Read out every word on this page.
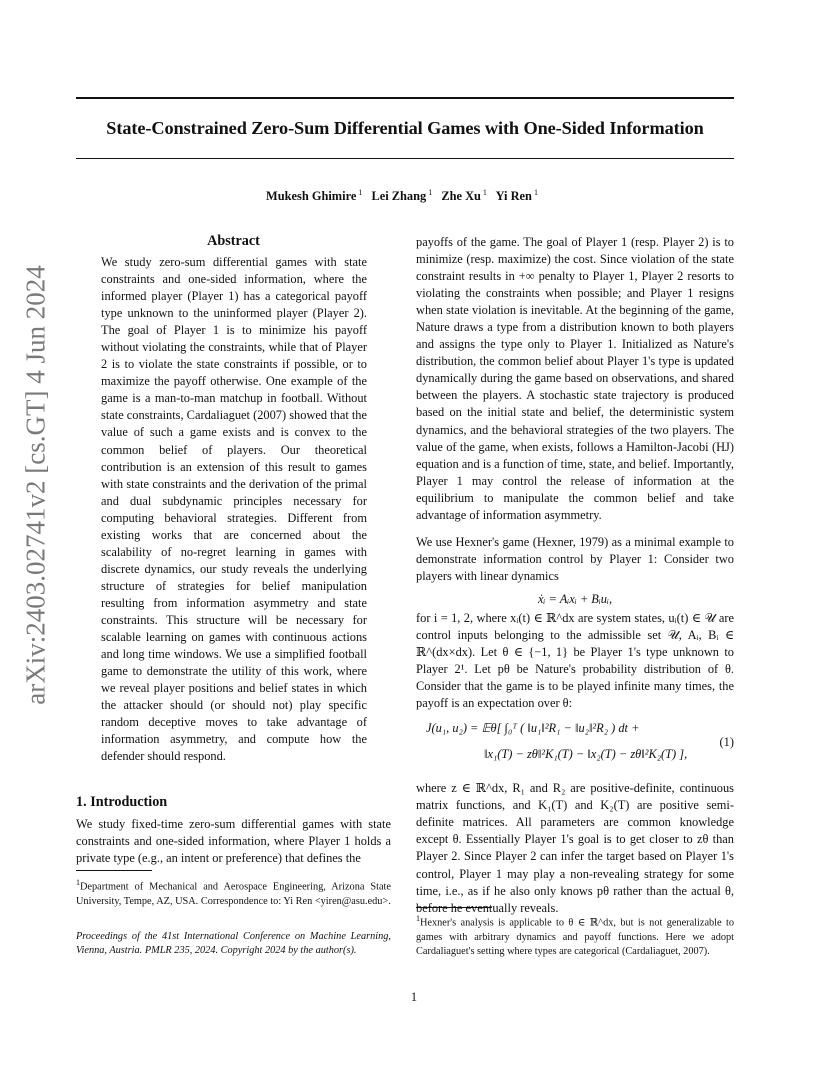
State-Constrained Zero-Sum Differential Games with One-Sided Information
Mukesh Ghimire $^1$ Lei Zhang $^1$ Zhe Xu $^1$ Yi Ren $^1$
arXiv:2403.02741v2 [cs.GT] 4 Jun 2024
Abstract
We study zero-sum differential games with state constraints and one-sided information, where the informed player (Player 1) has a categorical payoff type unknown to the uninformed player (Player 2). The goal of Player 1 is to minimize his payoff without violating the constraints, while that of Player 2 is to violate the state constraints if possible, or to maximize the payoff otherwise. One example of the game is a man-to-man matchup in football. Without state constraints, Cardaliaguet (2007) showed that the value of such a game exists and is convex to the common belief of players. Our theoretical contribution is an extension of this result to games with state constraints and the derivation of the primal and dual subdynamic principles necessary for computing behavioral strategies. Different from existing works that are concerned about the scalability of no-regret learning in games with discrete dynamics, our study reveals the underlying structure of strategies for belief manipulation resulting from information asymmetry and state constraints. This structure will be necessary for scalable learning on games with continuous actions and long time windows. We use a simplified football game to demonstrate the utility of this work, where we reveal player positions and belief states in which the attacker should (or should not) play specific random deceptive moves to take advantage of information asymmetry, and compute how the defender should respond.
1. Introduction
We study fixed-time zero-sum differential games with state constraints and one-sided information, where Player 1 holds a private type (e.g., an intent or preference) that defines the
$^1$Department of Mechanical and Aerospace Engineering, Arizona State University, Tempe, AZ, USA. Correspondence to: Yi Ren <yiren@asu.edu>.
Proceedings of the 41st International Conference on Machine Learning, Vienna, Austria. PMLR 235, 2024. Copyright 2024 by the author(s).
payoffs of the game. The goal of Player 1 (resp. Player 2) is to minimize (resp. maximize) the cost. Since violation of the state constraint results in +∞ penalty to Player 1, Player 2 resorts to violating the constraints when possible; and Player 1 resigns when state violation is inevitable. At the beginning of the game, Nature draws a type from a distribution known to both players and assigns the type only to Player 1. Initialized as Nature's distribution, the common belief about Player 1's type is updated dynamically during the game based on observations, and shared between the players. A stochastic state trajectory is produced based on the initial state and belief, the deterministic system dynamics, and the behavioral strategies of the two players. The value of the game, when exists, follows a Hamilton-Jacobi (HJ) equation and is a function of time, state, and belief. Importantly, Player 1 may control the release of information at the equilibrium to manipulate the common belief and take advantage of information asymmetry.
We use Hexner's game (Hexner, 1979) as a minimal example to demonstrate information control by Player 1: Consider two players with linear dynamics
ẋᵢ = Aᵢxᵢ + Bᵢuᵢ,
for i = 1, 2, where xᵢ(t) ∈ ℝ^dx are system states, uᵢ(t) ∈ 𝒰 are control inputs belonging to the admissible set 𝒰, Aᵢ, Bᵢ ∈ ℝ^(dx×dx). Let θ ∈ {−1, 1} be Player 1's type unknown to Player 2¹. Let pθ be Nature's probability distribution of θ. Consider that the game is to be played infinite many times, the payoff is an expectation over θ:
J(u₁, u₂) = 𝔼θ[ ∫₀ᵀ ( ‖u₁‖²R₁ − ‖u₂‖²R₂ ) dt +
‖x₁(T) − zθ‖²K₁(T) − ‖x₂(T) − zθ‖²K₂(T) ],
(1)
where z ∈ ℝ^dx, R₁ and R₂ are positive-definite, continuous matrix functions, and K₁(T) and K₂(T) are positive semi-definite matrices. All parameters are common knowledge except θ. Essentially Player 1's goal is to get closer to zθ than Player 2. Since Player 2 can infer the target based on Player 1's control, Player 1 may play a non-revealing strategy for some time, i.e., as if he also only knows pθ rather than the actual θ, before he eventually reveals.
$^1$Hexner's analysis is applicable to θ ∈ ℝ^dx, but is not generalizable to games with arbitrary dynamics and payoff functions. Here we adopt Cardaliaguet's setting where types are categorical (Cardaliaguet, 2007).
1
